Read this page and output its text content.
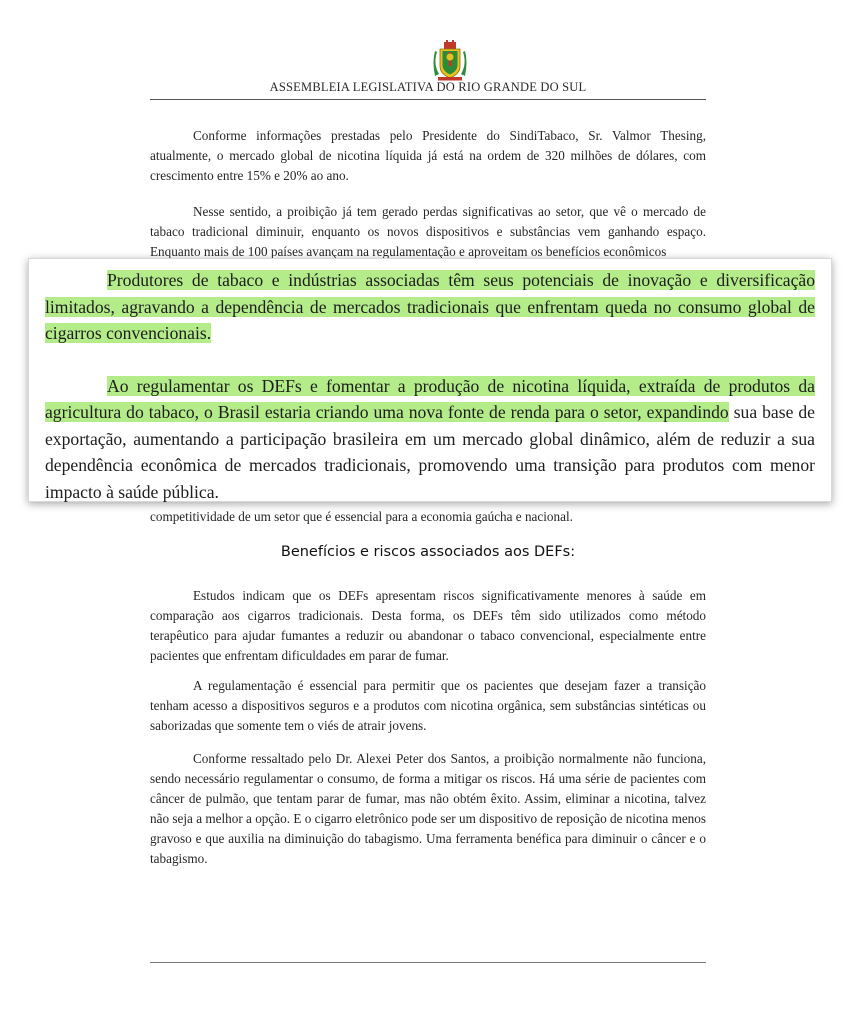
ASSEMBLEIA LEGISLATIVA DO RIO GRANDE DO SUL

Conforme informações prestadas pelo Presidente do SindiTabaco, Sr. Valmor Thesing, atualmente, o mercado global de nicotina líquida já está na ordem de 320 milhões de dólares, com crescimento entre 15% e 20% ao ano.

Nesse sentido, a proibição já tem gerado perdas significativas ao setor, que vê o mercado de tabaco tradicional diminuir, enquanto os novos dispositivos e substâncias vem ganhando espaço. Enquanto mais de 100 países avançam na regulamentação e aproveitam os benefícios econômicos

competitividade de um setor que é essencial para a economia gaúcha e nacional.

Produtores de tabaco e indústrias associadas têm seus potenciais de inovação e diversificação limitados, agravando a dependência de mercados tradicionais que enfrentam queda no consumo global de cigarros convencionais.

Ao regulamentar os DEFs e fomentar a produção de nicotina líquida, extraída de produtos da agricultura do tabaco, o Brasil estaria criando uma nova fonte de renda para o setor, expandindo sua base de exportação, aumentando a participação brasileira em um mercado global dinâmico, além de reduzir a sua dependência econômica de mercados tradicionais, promovendo uma transição para produtos com menor impacto à saúde pública.

Benefícios e riscos associados aos DEFs:

Estudos indicam que os DEFs apresentam riscos significativamente menores à saúde em comparação aos cigarros tradicionais. Desta forma, os DEFs têm sido utilizados como método terapêutico para ajudar fumantes a reduzir ou abandonar o tabaco convencional, especialmente entre pacientes que enfrentam dificuldades em parar de fumar.

A regulamentação é essencial para permitir que os pacientes que desejam fazer a transição tenham acesso a dispositivos seguros e a produtos com nicotina orgânica, sem substâncias sintéticas ou saborizadas que somente tem o viés de atrair jovens.

Conforme ressaltado pelo Dr. Alexei Peter dos Santos, a proibição normalmente não funciona, sendo necessário regulamentar o consumo, de forma a mitigar os riscos. Há uma série de pacientes com câncer de pulmão, que tentam parar de fumar, mas não obtém êxito. Assim, eliminar a nicotina, talvez não seja a melhor a opção. E o cigarro eletrônico pode ser um dispositivo de reposição de nicotina menos gravoso e que auxilia na diminuição do tabagismo. Uma ferramenta benéfica para diminuir o câncer e o tabagismo.
